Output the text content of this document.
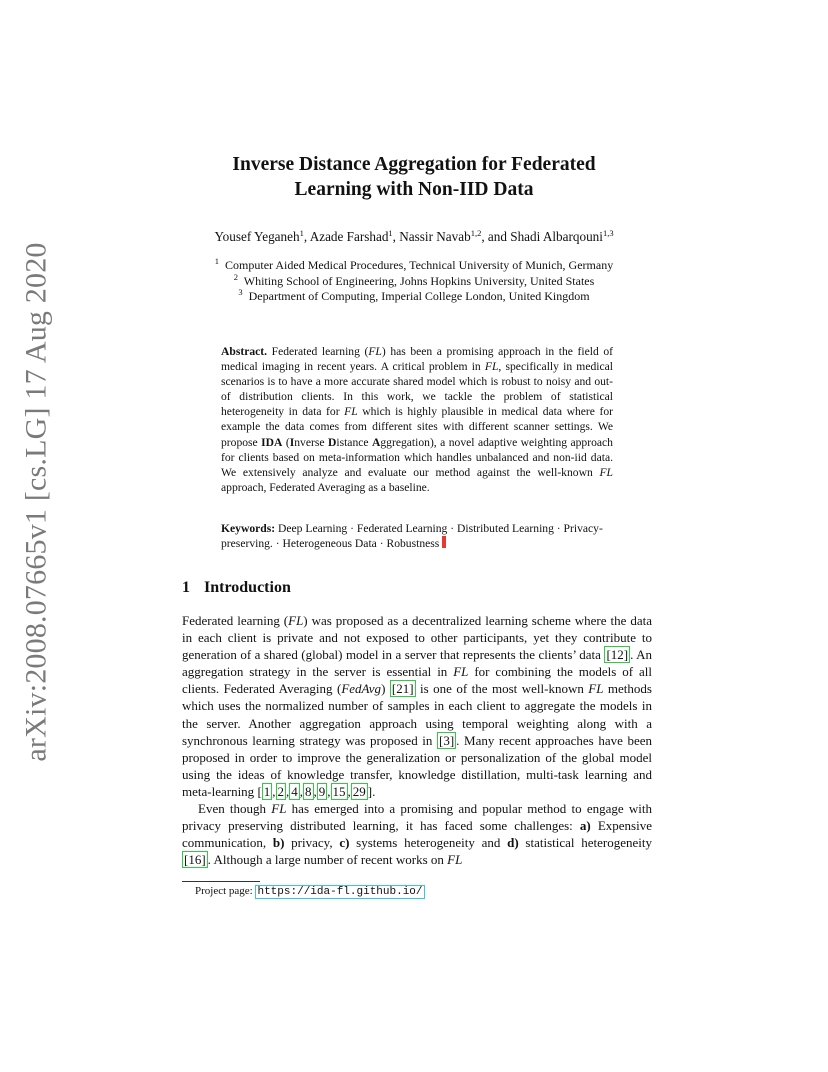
arXiv:2008.07665v1 [cs.LG] 17 Aug 2020
Inverse Distance Aggregation for Federated
Learning with Non-IID Data
Yousef Yeganeh$^1$, Azade Farshad$^1$, Nassir Navab$^{1,2}$, and Shadi Albarqouni$^{1,3}$
$^1$ Computer Aided Medical Procedures, Technical University of Munich, Germany
$^2$ Whiting School of Engineering, Johns Hopkins University, United States
$^3$ Department of Computing, Imperial College London, United Kingdom
Abstract. Federated learning (FL) has been a promising approach in the field of medical imaging in recent years. A critical problem in FL, specifically in medical scenarios is to have a more accurate shared model which is robust to noisy and out-of distribution clients. In this work, we tackle the problem of statistical heterogeneity in data for FL which is highly plausible in medical data where for example the data comes from different sites with different scanner settings. We propose IDA (Inverse Distance Aggregation), a novel adaptive weighting approach for clients based on meta-information which handles unbalanced and non-iid data. We extensively analyze and evaluate our method against the well-known FL approach, Federated Averaging as a baseline.
Keywords: Deep Learning · Federated Learning · Distributed Learning · Privacy-preserving. · Heterogeneous Data · Robustness
1 Introduction

Federated learning (FL) was proposed as a decentralized learning scheme where the data in each client is private and not exposed to other participants, yet they contribute to generation of a shared (global) model in a server that represents the clients’ data [12] . An aggregation strategy in the server is essential in FL for combining the models of all clients. Federated Averaging (FedAvg) [21] is one of the most well-known FL methods which uses the normalized number of samples in each client to aggregate the models in the server. Another aggregation approach using temporal weighting along with a synchronous learning strategy was proposed in [3] . Many recent approaches have been proposed in order to improve the generalization or personalization of the global model using the ideas of knowledge transfer, knowledge distillation, multi-task learning and meta-learning [ 1 , 2 , 4 , 8 , 9 , 15 , 29 ].

Even though FL has emerged into a promising and popular method to engage with privacy preserving distributed learning, it has faced some challenges: a) Expensive communication, b) privacy, c) systems heterogeneity and d) statistical heterogeneity [16] . Although a large number of recent works on FL

Project page: https://ida-fl.github.io/
